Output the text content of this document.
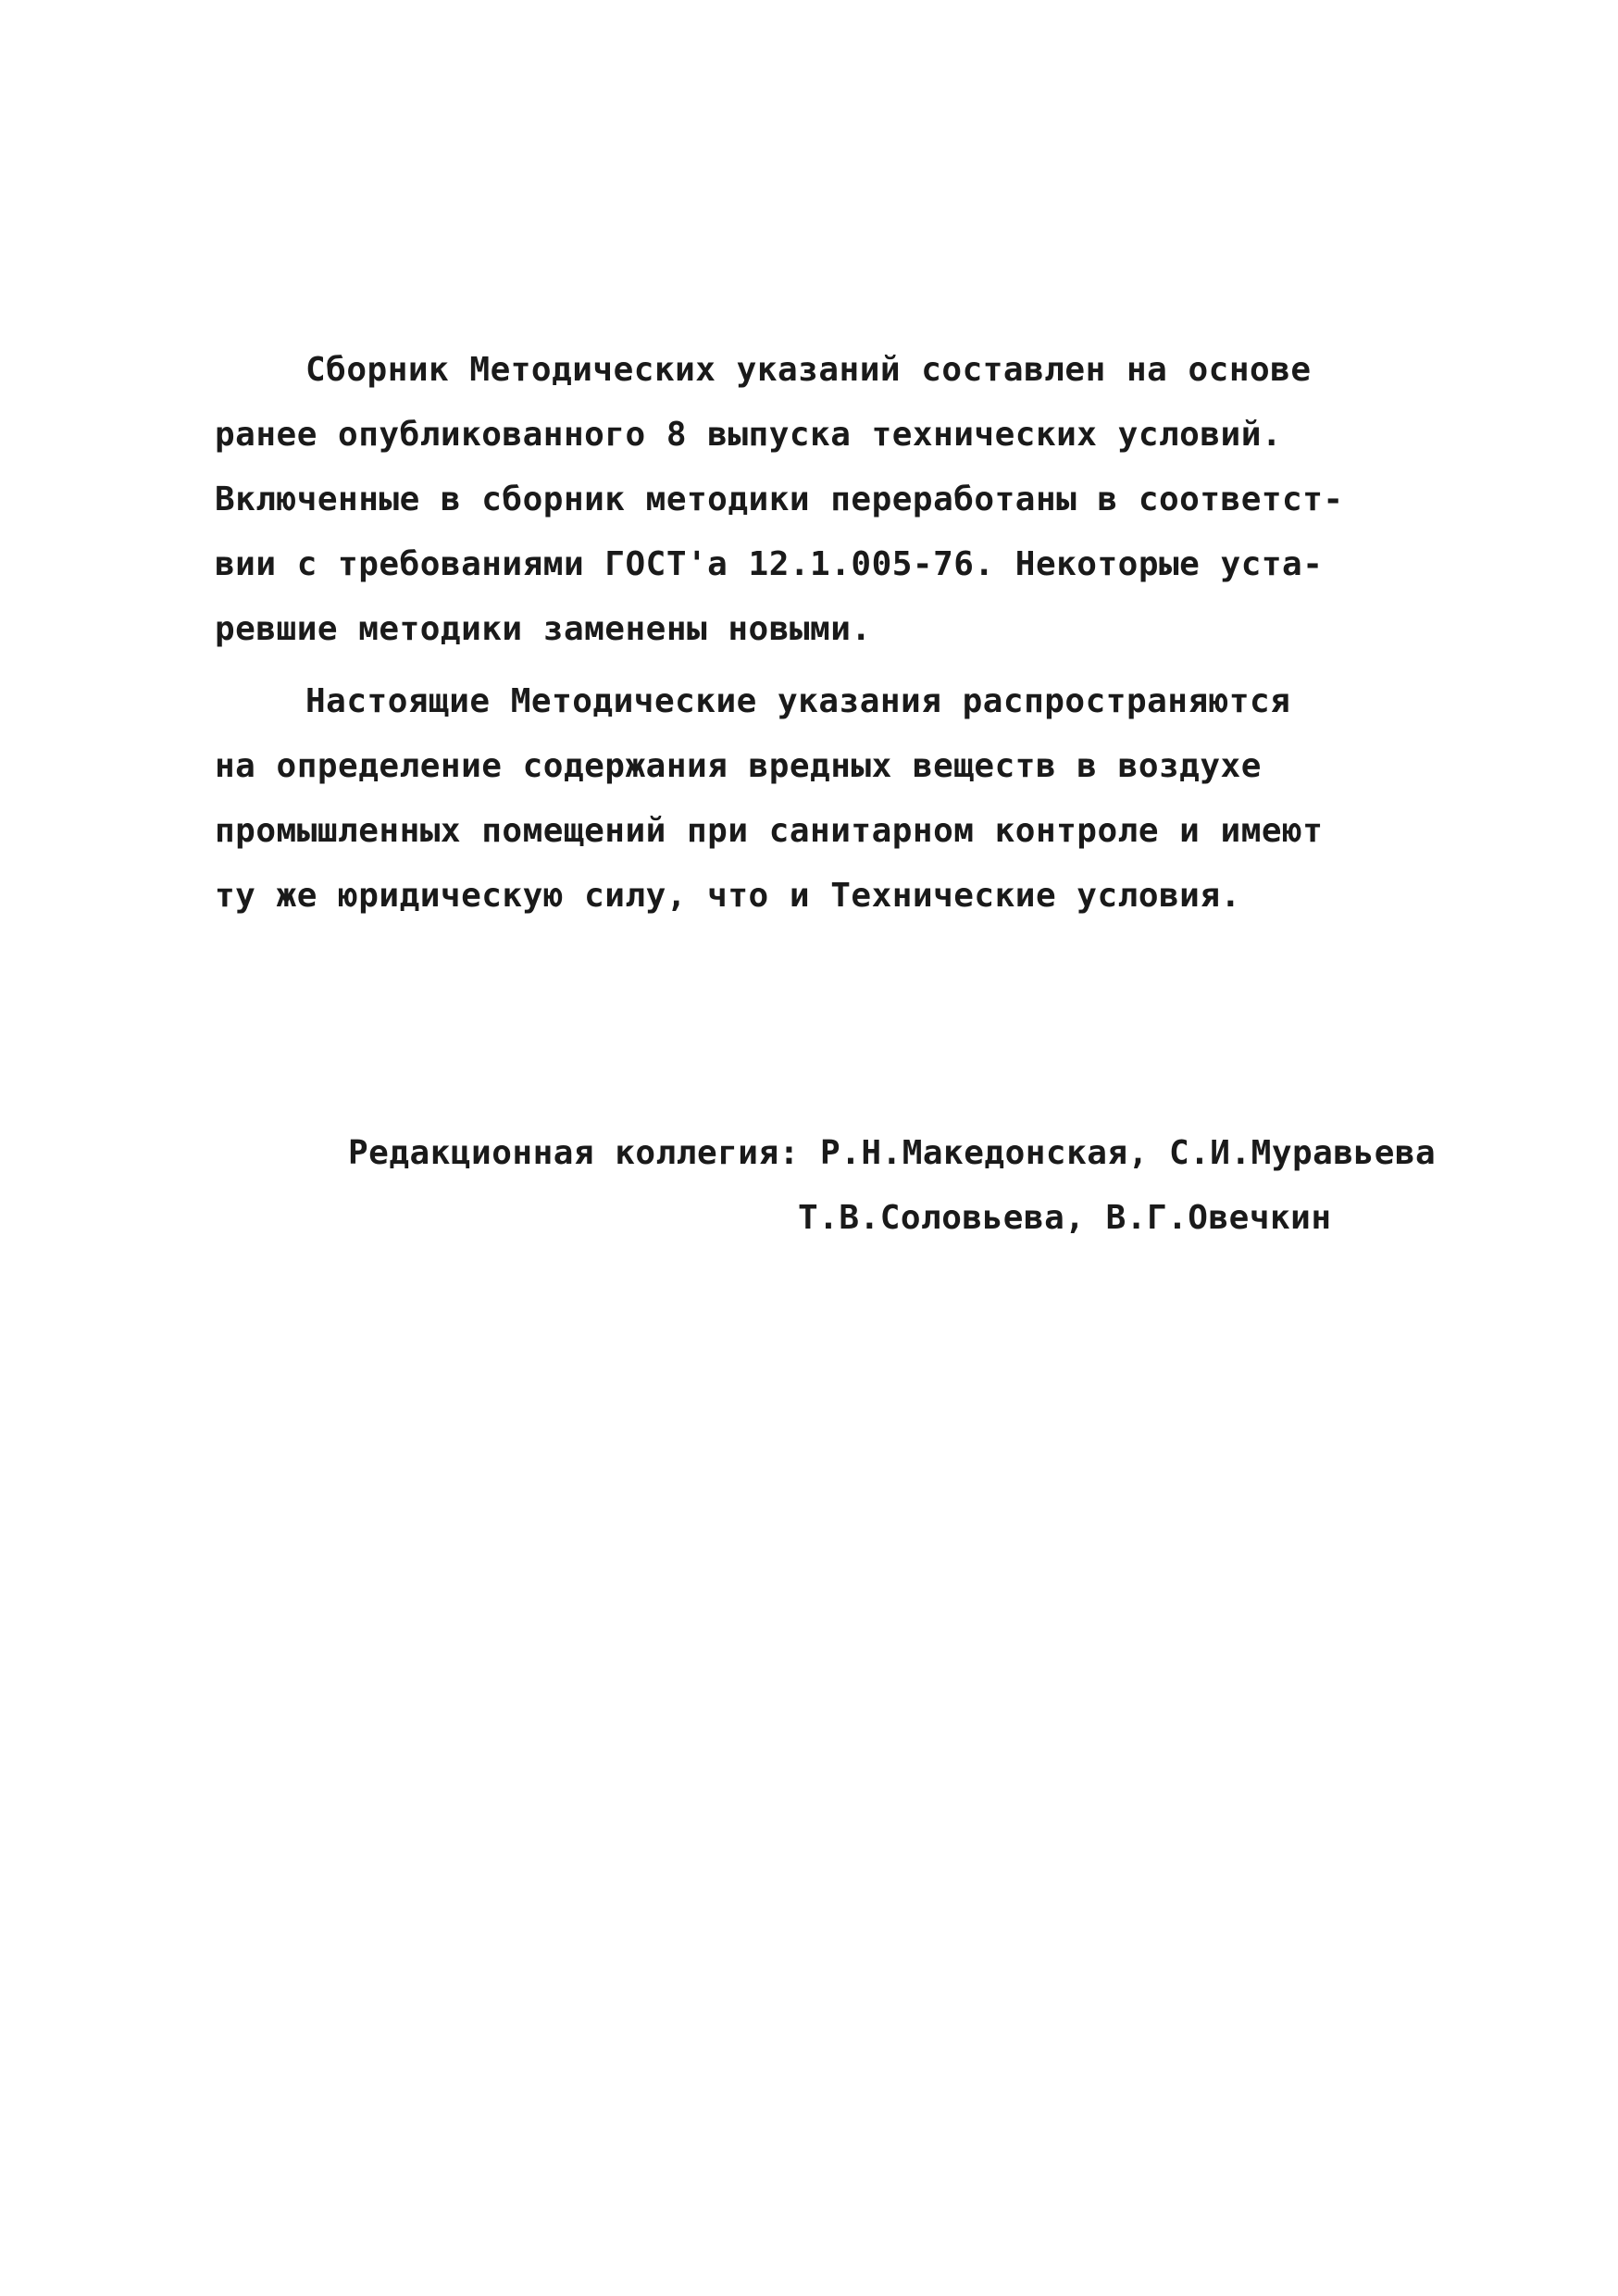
Сборник Методических указаний составлен на основе
ранее опубликованного 8 выпуска технических условий.
Включенные в сборник методики переработаны в соответст-
вии с требованиями ГОСТ'а 12.1.005-76. Некоторые уста-
ревшие методики заменены новыми.
Настоящие Методические указания распространяются
на определение содержания вредных веществ в воздухе
промышленных помещений при санитарном контроле и имеют
ту же юридическую силу, что и Технические условия.
Редакционная коллегия: Р.Н.Македонская, С.И.Муравьева
Т.В.Соловьева, В.Г.Овечкин
